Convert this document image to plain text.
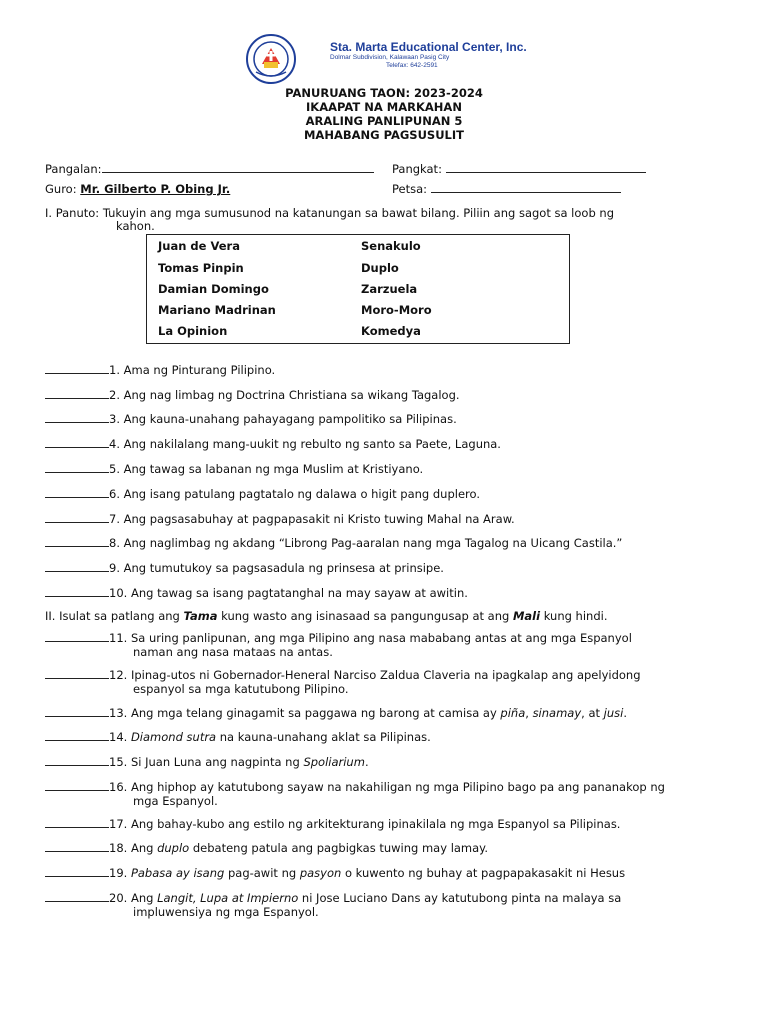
Sta. Marta Educational Center, Inc.
Dolmar Subdivision, Kalawaan Pasig City
Telefax: 642-2591
PANURUANG TAON: 2023-2024
IKAAPAT NA MARKAHAN
ARALING PANLIPUNAN 5
MAHABANG PAGSUSULIT
Pangalan:	Pangkat:
Guro: Mr. Gilberto P. Obing Jr.	Petsa:
I. Panuto: Tukuyin ang mga sumusunod na katanungan sa bawat bilang. Piliin ang sagot sa loob ng
kahon.
Juan de Vera
Tomas Pinpin
Damian Domingo
Mariano Madrinan
La Opinion
Senakulo
Duplo
Zarzuela
Moro-Moro
Komedya
1. Ama ng Pinturang Pilipino.
2. Ang nag limbag ng Doctrina Christiana sa wikang Tagalog.
3. Ang kauna-unahang pahayagang pampolitiko sa Pilipinas.
4. Ang nakilalang mang-uukit ng rebulto ng santo sa Paete, Laguna.
5. Ang tawag sa labanan ng mga Muslim at Kristiyano.
6. Ang isang patulang pagtatalo ng dalawa o higit pang duplero.
7. Ang pagsasabuhay at pagpapasakit ni Kristo tuwing Mahal na Araw.
8. Ang naglimbag ng akdang “Librong Pag-aaralan nang mga Tagalog na Uicang Castila.”
9. Ang tumutukoy sa pagsasadula ng prinsesa at prinsipe.
10. Ang tawag sa isang pagtatanghal na may sayaw at awitin.
II. Isulat sa patlang ang Tama kung wasto ang isinasaad sa pangungusap at ang Mali kung hindi.
11. Sa uring panlipunan, ang mga Pilipino ang nasa mababang antas at ang mga Espanyol
naman ang nasa mataas na antas.
12. Ipinag-utos ni Gobernador-Heneral Narciso Zaldua Claveria na ipagkalap ang apelyidong
espanyol sa mga katutubong Pilipino.
13. Ang mga telang ginagamit sa paggawa ng barong at camisa ay piña, sinamay, at jusi.
14. Diamond sutra na kauna-unahang aklat sa Pilipinas.
15. Si Juan Luna ang nagpinta ng Spoliarium.
16. Ang hiphop ay katutubong sayaw na nakahiligan ng mga Pilipino bago pa ang pananakop ng
mga Espanyol.
17. Ang bahay-kubo ang estilo ng arkitekturang ipinakilala ng mga Espanyol sa Pilipinas.
18. Ang duplo debateng patula ang pagbigkas tuwing may lamay.
19. Pabasa ay isang pag-awit ng pasyon o kuwento ng buhay at pagpapakasakit ni Hesus
20. Ang Langit, Lupa at Impierno ni Jose Luciano Dans ay katutubong pinta na malaya sa
impluwensiya ng mga Espanyol.
